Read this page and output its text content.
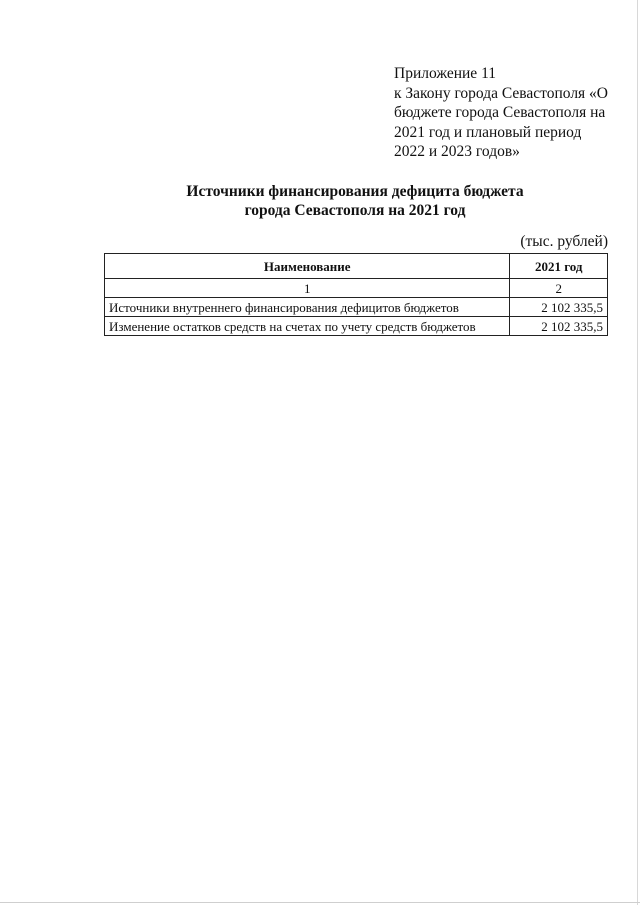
Приложение 11
к Закону города Севастополя «О
бюджете города Севастополя на
2021 год и плановый период
2022 и 2023 годов»
Источники финансирования дефицита бюджета
города Севастополя на 2021 год
(тыс. рублей)
Наименование	2021 год
1	2
Источники внутреннего финансирования дефицитов бюджетов	2 102 335,5
Изменение остатков средств на счетах по учету средств бюджетов	2 102 335,5
